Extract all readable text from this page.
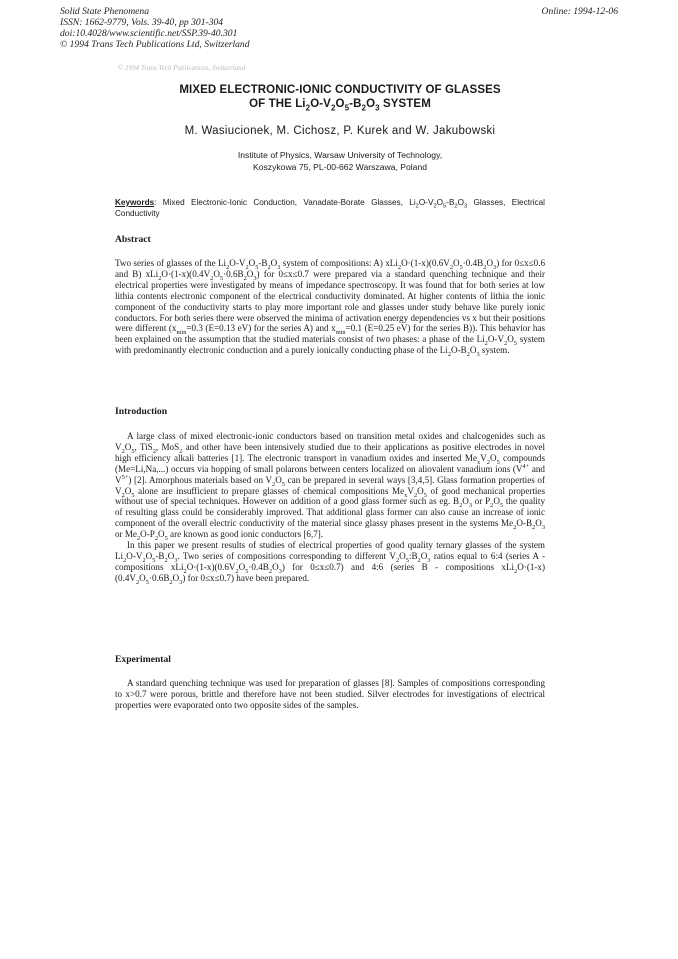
Solid State Phenomena
ISSN: 1662-9779, Vols. 39-40, pp 301-304
doi:10.4028/www.scientific.net/SSP.39-40.301
© 1994 Trans Tech Publications Ltd, Switzerland
Online: 1994-12-06
© 1994 Trans Tech Publications, Switzerland
MIXED ELECTRONIC-IONIC CONDUCTIVITY OF GLASSES
OF THE $Li_2O-V_2O_5-B_2O_3$ SYSTEM
M. Wasiucionek, M. Cichosz, P. Kurek and W. Jakubowski
Institute of Physics, Warsaw University of Technology,
Koszykowa 75, PL-00-662 Warszawa, Poland
Keywords: Mixed Electronic-Ionic Conduction, Vanadate-Borate Glasses, $Li_2O-V_2O_5-B_2O_3$ Glasses, Electrical Conductivity
Abstract

Two series of glasses of the $Li_2O-V_2O_5-B_2O_3$ system of compositions: A) $xLi_2O\cdot(1-x)(0.6V_2O_5\cdot 0.4B_2O_3)$ for 0≤x≤0.6 and B) $xLi_2O\cdot(1-x)(0.4V_2O_5\cdot 0.6B_2O_3)$ for 0≤x≤0.7 were prepared via a standard quenching technique and their electrical properties were investigated by means of impedance spectroscopy. It was found that for both series at low lithia contents electronic component of the electrical conductivity dominated. At higher contents of lithia the ionic component of the conductivity starts to play more important role and glasses under study behave like purely ionic conductors. For both series there were observed the minima of activation energy dependencies vs x but their positions were different ($x_{min}=0.3$ (E=0.13 eV) for the series A) and $x_{min}=0.1$ (E=0.25 eV) for the series B)). This behavior has been explained on the assumption that the studied materials consist of two phases: a phase of the $Li_2O-V_2O_5$ system with predominantly electronic conduction and a purely ionically conducting phase of the $Li_2O-B_2O_3$ system.

Introduction

A large class of mixed electronic-ionic conductors based on transition metal oxides and chalcogenides such as $V_2O_5$, TiS$_2$, MoS$_2$ and other have been intensively studied due to their applications as positive electrodes in novel high efficiency alkali batteries [1]. The electronic transport in vanadium oxides and inserted $Me_xV_2O_5$ compounds (Me=Li,Na,...) occurs via hopping of small polarons between centers localized on aliovalent vanadium ions ($V^{4+}$ and $V^{5+}$) [2]. Amorphous materials based on $V_2O_5$ can be prepared in several ways [3,4,5]. Glass formation properties of $V_2O_5$ alone are insufficient to prepare glasses of chemical compositions $Me_xV_2O_5$ of good mechanical properties without use of special techniques. However on addition of a good glass former such as eg. $B_2O_3$ or $P_2O_5$ the quality of resulting glass could be considerably improved. That additional glass former can also cause an increase of ionic component of the overall electric conductivity of the material since glassy phases present in the systems $Me_2O-B_2O_3$ or $Me_2O-P_2O_5$ are known as good ionic conductors [6,7].

In this paper we present results of studies of electrical properties of good quality ternary glasses of the system $Li_2O-V_2O_5-B_2O_3$. Two series of compositions corresponding to different $V_2O_5:B_2O_3$ ratios equal to 6:4 (series A - compositions $xLi_2O\cdot(1-x)(0.6V_2O_5\cdot 0.4B_2O_3)$ for 0≤x≤0.7) and 4:6 (series B - compositions $xLi_2O\cdot(1-x)(0.4V_2O_5\cdot 0.6B_2O_3)$ for 0≤x≤0.7) have been prepared.

Experimental

A standard quenching technique was used for preparation of glasses [8]. Samples of compositions corresponding to x>0.7 were porous, brittle and therefore have not been studied. Silver electrodes for investigations of electrical properties were evaporated onto two opposite sides of the samples.
